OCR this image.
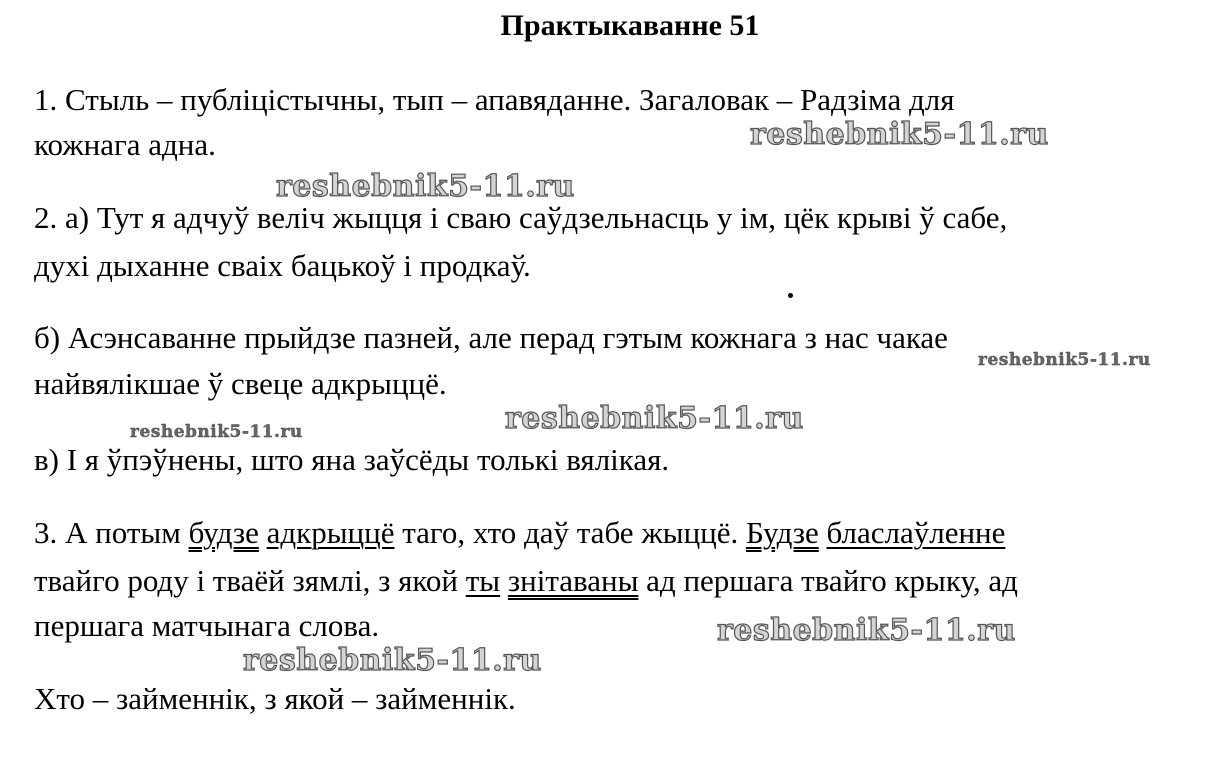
Практыкаванне 51
1. Стыль – публіцістычны, тып – апавяданне. Загаловак – Радзіма для
кожнага адна.
2. а) Тут я адчуў веліч жыцця і сваю саўдзельнасць у ім, цёк крыві ў сабе,
духі дыханне сваіх бацькоў і продкаў.
б) Асэнсаванне прыйдзе пазней, але перад гэтым кожнага з нас чакае
найвялікшае ў свеце адкрыццё.
в) І я ўпэўнены, што яна заўсёды толькі вялікая.
3. А потым будзе адкрыццё таго, хто даў табе жыццё. Будзе бласлаўленне
твайго роду і тваёй зямлі, з якой ты знітаваны ад першага твайго крыку, ад
першага матчынага слова.
Хто – займеннік, з якой – займеннік.
reshebnik5-11.ru
reshebnik5-11.ru
reshebnik5-11.ru
reshebnik5-11.ru
reshebnik5-11.ru
reshebnik5-11.ru
reshebnik5-11.ru
